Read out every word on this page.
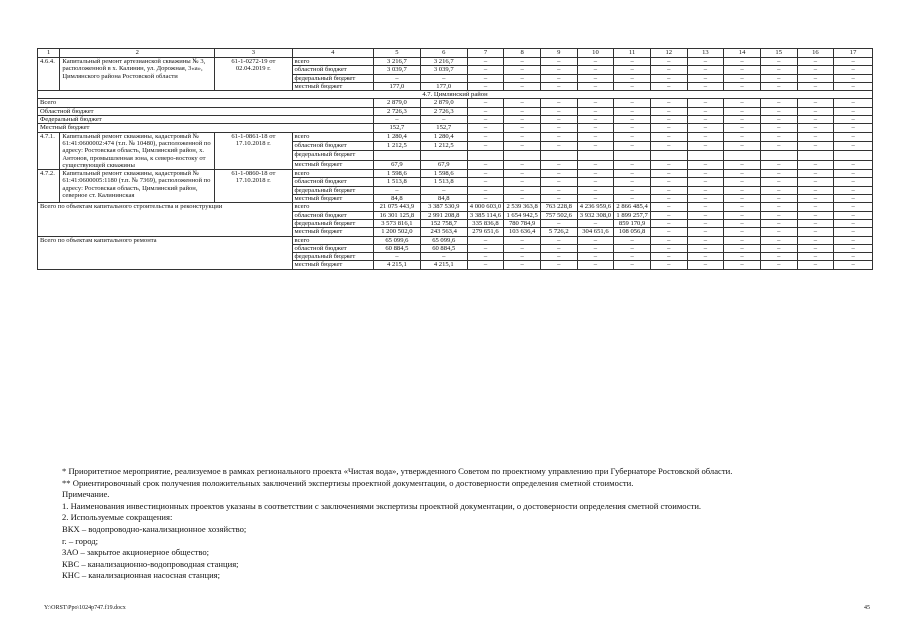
1	2	3	4	5	6	7	8	9	10	11	12	13	14	15	16	17
4.6.4.	Капитальный ремонт артезианской скважины № 3, расположенной в х. Калинин, ул. Дорожная, 3«а», Цимлянского района Ростовской области	61-1-0272-19 от 02.04.2019 г.	всего	3 216,7	3 216,7	–	–	–	–	–	–	–	–	–	–	–
			областной бюджет	3 039,7	3 039,7	–	–	–	–	–	–	–	–	–	–	–
			федеральный бюджет	–	–	–	–	–	–	–	–	–	–	–	–	–
			местный бюджет	177,0	177,0	–	–	–	–	–	–	–	–	–	–	–
4.7. Цимлянский район																
Всего				2 879,0	2 879,0	–	–	–	–	–	–	–	–	–	–	–
Областной бюджет				2 726,3	2 726,3	–	–	–	–	–	–	–	–	–	–	–
Федеральный бюджет				–	–	–	–	–	–	–	–	–	–	–	–	–
Местный бюджет				152,7	152,7	–	–	–	–	–	–	–	–	–	–	–
4.7.1.	Капитальный ремонт скважины, кадастровый № 61:41:0600002:474 (т.п. № 10480), расположенной по адресу: Ростовская область, Цимлянский район, х. Антонов, промышленная зона, к северо-востоку от существующей скважины	61-1-0861-18 от 17.10.2018 г.	всего	1 280,4	1 280,4	–	–	–	–	–	–	–	–	–	–	–
			областной бюджет	1 212,5	1 212,5	–	–	–	–	–	–	–	–	–	–	–
			федеральный бюджет													
			местный бюджет	67,9	67,9	–	–	–	–	–	–	–	–	–	–	–
4.7.2.	Капитальный ремонт скважины, кадастровый № 61:41:0600005:1180 (т.п. № 7369), расположенной по адресу: Ростовская область, Цимлянский район, северное ст. Калининская	61-1-0860-18 от 17.10.2018 г.	всего	1 598,6	1 598,6	–	–	–	–	–	–	–	–	–	–	–
			областной бюджет	1 513,8	1 513,8	–	–	–	–	–	–	–	–	–	–	–
			федеральный бюджет	–	–	–	–	–	–	–	–	–	–	–	–	–
			местный бюджет	84,8	84,8	–	–	–	–	–	–	–	–	–	–	–
Всего по объектам капитального строительства и реконструкции			всего	21 075 443,9	3 387 530,9	4 000 603,0	2 539 363,8	763 228,8	4 236 959,6	2 866 485,4	–	–	–	–	–	–
			областной бюджет	16 301 125,8	2 991 208,8	3 385 114,6	1 654 942,5	757 502,6	3 932 308,0	1 899 257,7	–	–	–	–	–	–
			федеральный бюджет	3 573 816,1	152 758,7	335 836,8	780 784,9	–	–	859 170,9	–	–	–	–	–	–
			местный бюджет	1 200 502,0	243 563,4	279 651,6	103 636,4	5 726,2	304 651,6	108 056,8	–	–	–	–	–	–
Всего по объектам капитального ремонта			всего	65 099,6	65 099,6	–	–	–	–	–	–	–	–	–	–	–
			областной бюджет	60 884,5	60 884,5	–	–	–	–	–	–	–	–	–	–	–
			федеральный бюджет	–	–	–	–	–	–	–	–	–	–	–	–	–
			местный бюджет	4 215,1	4 215,1	–	–	–	–	–	–	–	–	–	–	–

* Приоритетное мероприятие, реализуемое в рамках регионального проекта «Чистая вода», утвержденного Советом по проектному управлению при Губернаторе Ростовской области.

** Ориентировочный срок получения положительных заключений экспертизы проектной документации, о достоверности определения сметной стоимости.

Примечание.

1. Наименования инвестиционных проектов указаны в соответствии с заключениями экспертизы проектной документации, о достоверности определения сметной стоимости.

2. Используемые сокращения:

ВКХ – водопроводно-канализационное хозяйство;

г. – город;

ЗАО – закрытое акционерное общество;

КВС – канализационно-водопроводная станция;

КНС – канализационная насосная станция;

Y:\ORST\Ppo\1024p747.f19.docx	45
